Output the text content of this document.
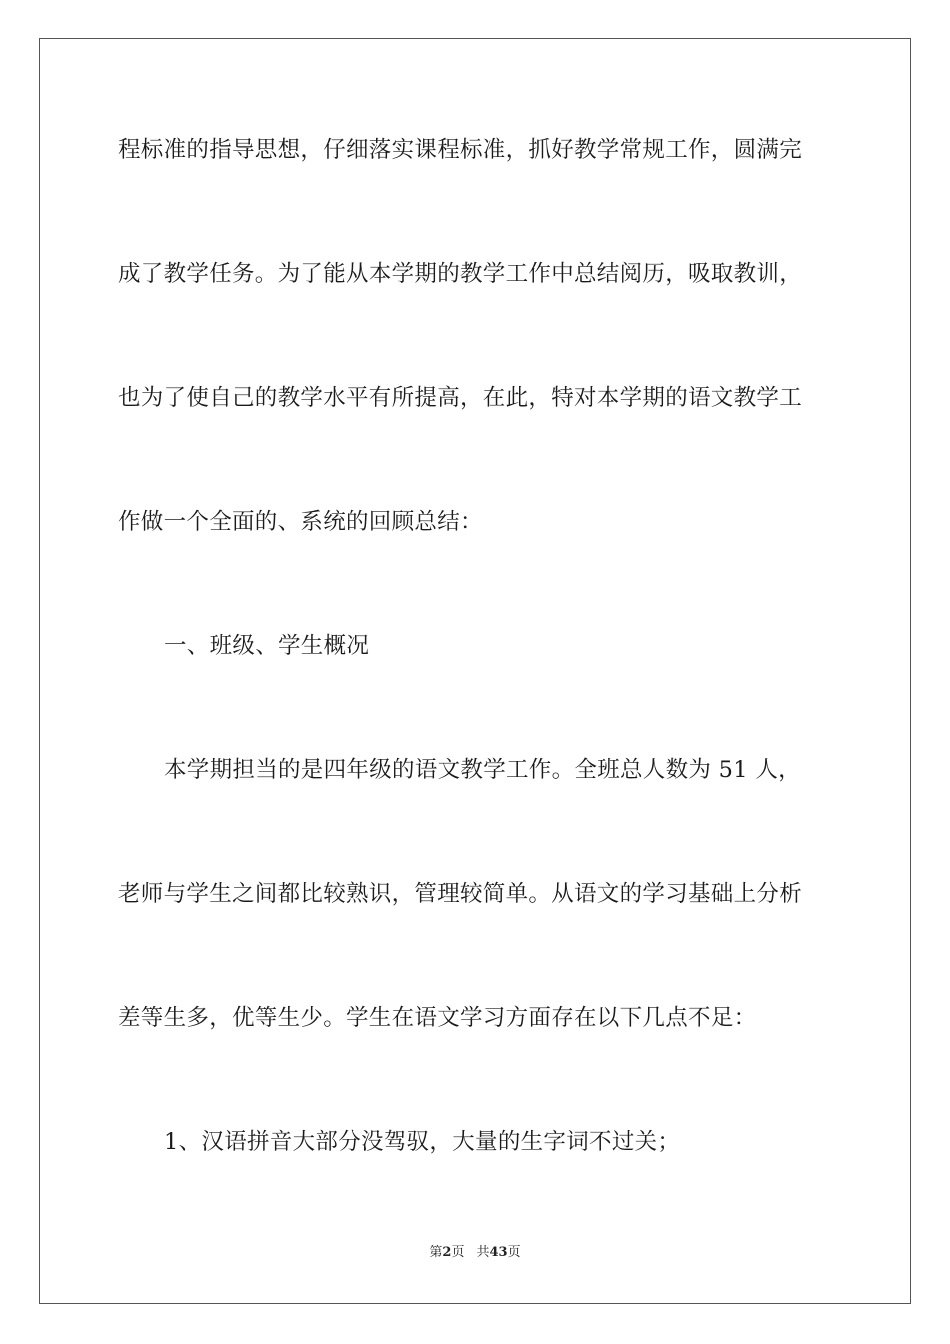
程标准的指导思想，仔细落实课程标准，抓好教学常规工作，圆满完
成了教学任务。为了能从本学期的教学工作中总结阅历，吸取教训，
也为了使自己的教学水平有所提高，在此，特对本学期的语文教学工
作做一个全面的、系统的回顾总结：
一、班级、学生概况
本学期担当的是四年级的语文教学工作。全班总人数为 51 人，
老师与学生之间都比较熟识，管理较简单。从语文的学习基础上分析
差等生多，优等生少。学生在语文学习方面存在以下几点不足：
1、汉语拼音大部分没驾驭，大量的生字词不过关；
第2页 共43页
